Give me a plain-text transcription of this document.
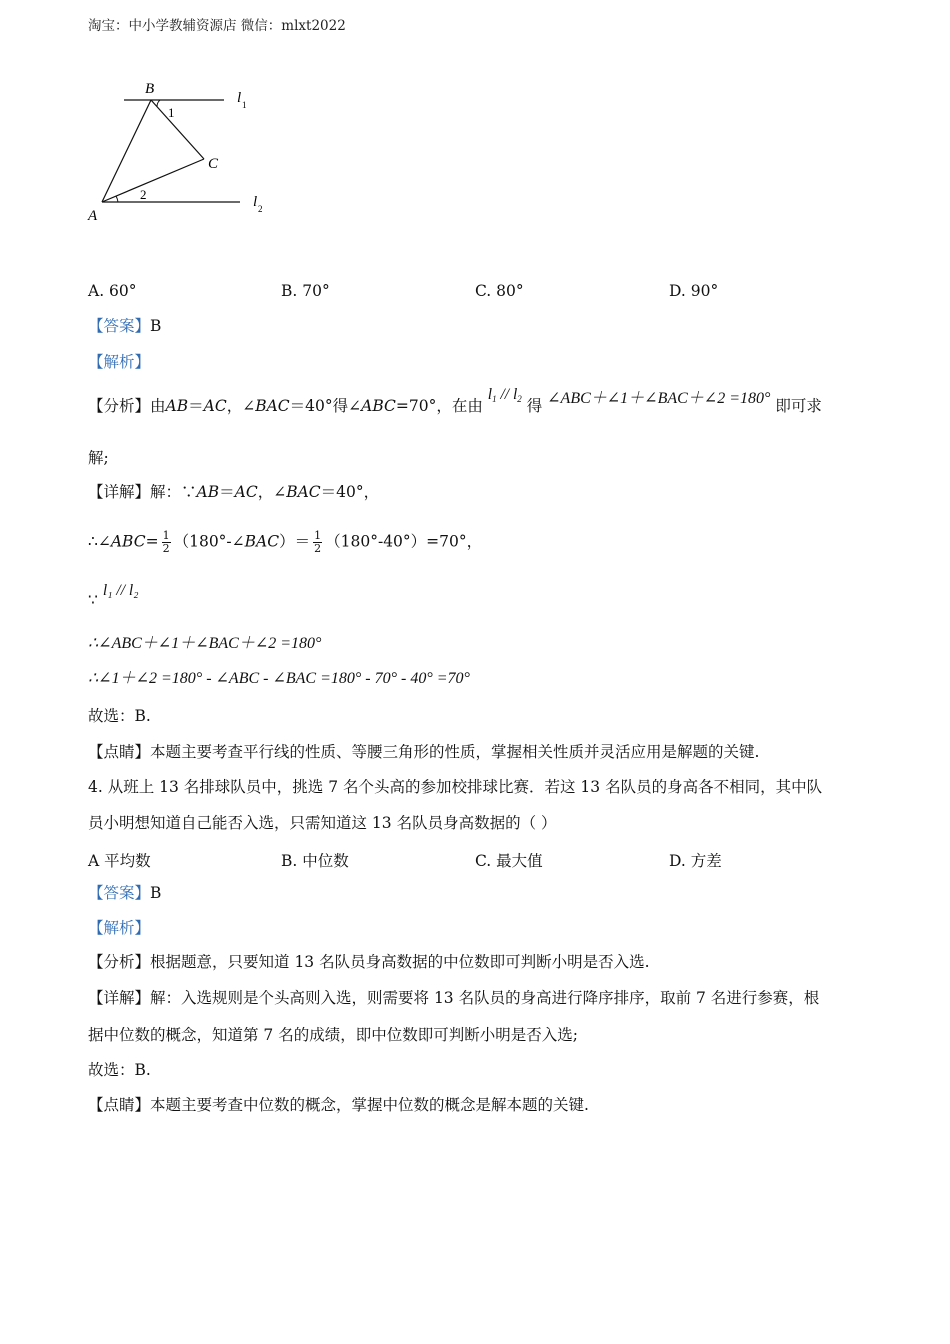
淘宝：中小学教辅资源店 微信：mlxt2022
B
C
A
1
2
l 1
l 2
A. 60°	B. 70°	C. 80°	D. 90°
【答案】B
【解析】
【分析】由AB＝AC，∠BAC＝40°得∠ABC=70°，在由 $l_1 // l_2$ 得 ∠ABC＋∠1＋∠BAC＋∠2 =180° 即可求
解;
【详解】解：∵AB＝AC，∠BAC＝40°，
∴∠ABC= $\frac{1}{2}$ （180°-∠BAC）＝ $\frac{1}{2} (180^\circ-40^\circ)=70^\circ$，
∵ l₁ // l₂
∴∠ABC＋∠1＋∠BAC＋∠2 =180°
∴∠1＋∠2 =180° - ∠ABC - ∠BAC =180° - 70° - 40° =70°
故选：B.
【点睛】本题主要考查平行线的性质、等腰三角形的性质，掌握相关性质并灵活应用是解题的关键.
4. 从班上 13 名排球队员中，挑选 7 名个头高的参加校排球比赛．若这 13 名队员的身高各不相同，其中队
员小明想知道自己能否入选，只需知道这 13 名队员身高数据的（ ）
A 平均数	B. 中位数	C. 最大值	D. 方差
【答案】B
【解析】
【分析】根据题意，只要知道 13 名队员身高数据的中位数即可判断小明是否入选.
【详解】解：入选规则是个头高则入选，则需要将 13 名队员的身高进行降序排序，取前 7 名进行参赛，根
据中位数的概念，知道第 7 名的成绩，即中位数即可判断小明是否入选;
故选：B.
【点睛】本题主要考查中位数的概念，掌握中位数的概念是解本题的关键.
